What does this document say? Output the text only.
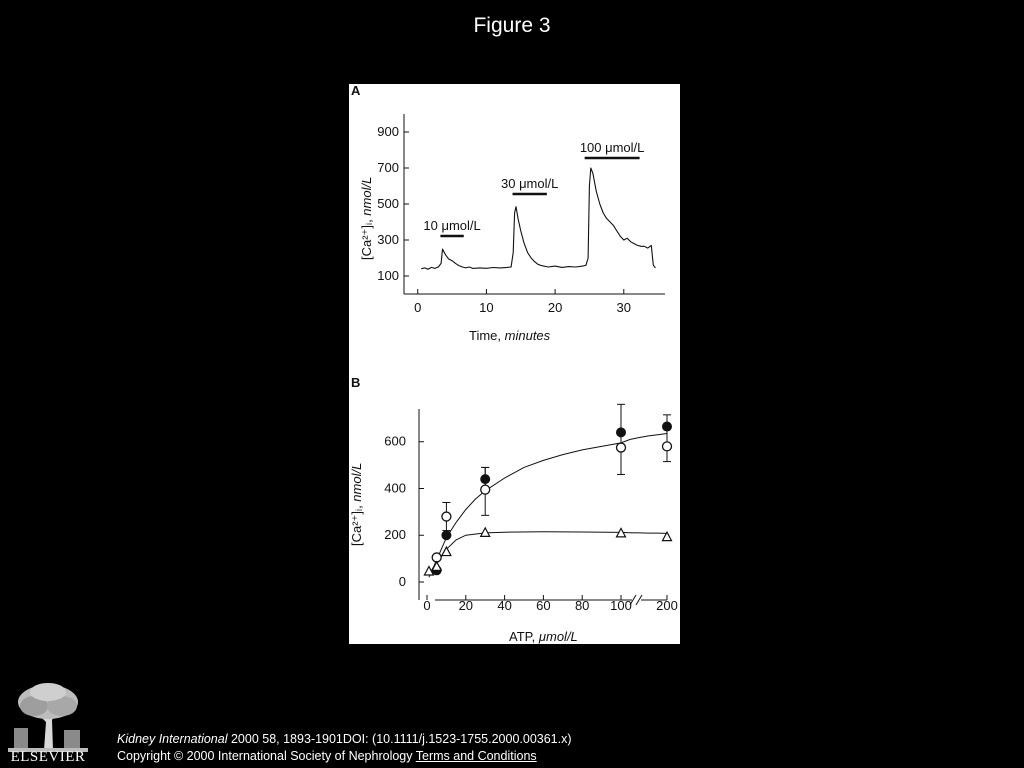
Figure 3
A
100
300
500
700
900
0	10	20	30
10 μmol/L
30 μmol/L
100 μmol/L
Time, minutes
[Ca²⁺]ᵢ, nmol/L
B
0
200
400
600
0 20 40 60 80 100 200
ATP, μmol/L
[Ca²⁺]ᵢ, nmol/L
ELSEVIER
Kidney International 2000 58, 1893-1901DOI: (10.1111/j.1523-1755.2000.00361.x)
Copyright © 2000 International Society of Nephrology Terms and Conditions
